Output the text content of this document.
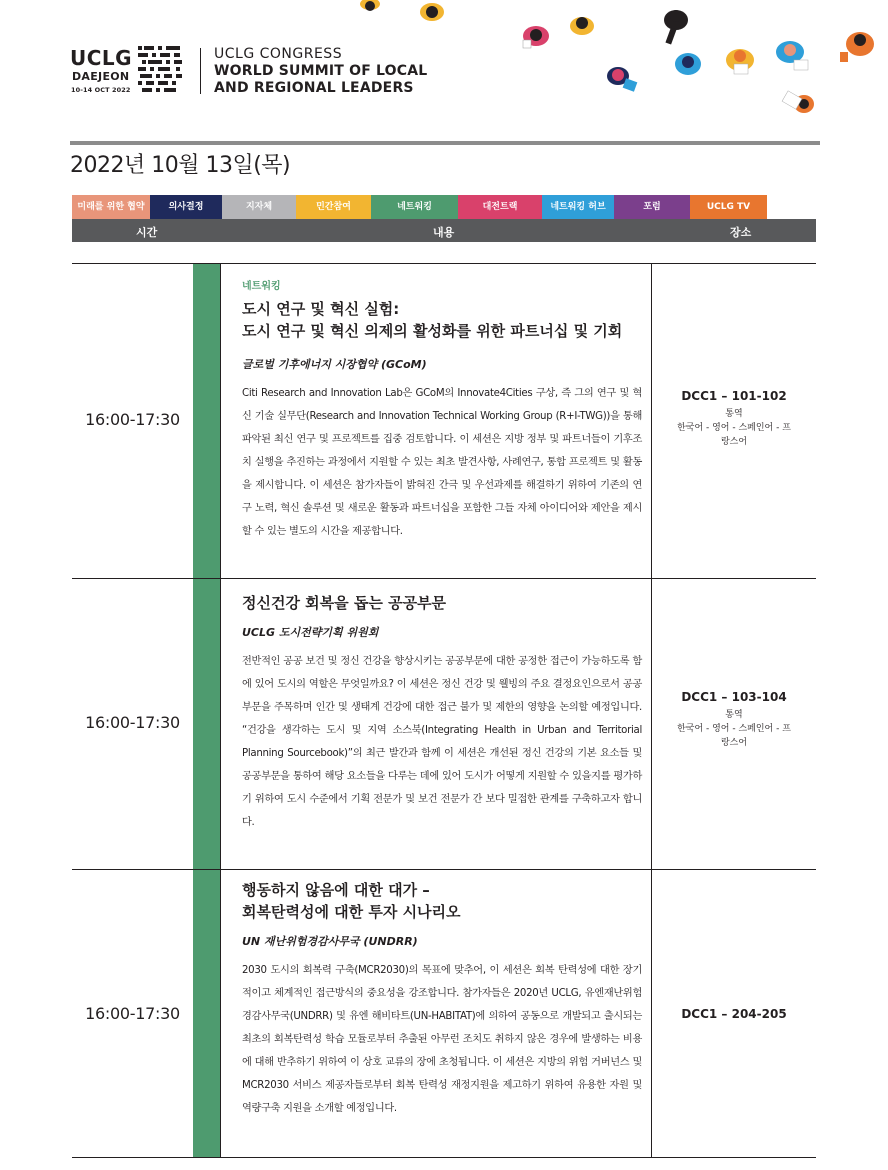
UCLG
DAEJEON
10-14 OCT 2022
UCLG CONGRESS
WORLD SUMMIT OF LOCAL
AND REGIONAL LEADERS
2022년 10월 13일(목)
미래를 위한 협약	의사결정	지자체	민간참여	네트워킹	대전트랙	네트워킹 허브	포럼	UCLG TV
시간	내용	장소
16:00-17:30
네트워킹
도시 연구 및 혁신 실험:
도시 연구 및 혁신 의제의 활성화를 위한 파트너십 및 기회
글로벌 기후에너지 시장협약 (GCoM)
Citi Research and Innovation Lab은 GCoM의 Innovate4Cities 구상, 즉 그의 연구 및 혁신 기술 실무단(Research and Innovation Technical Working Group (R+I-TWG))을 통해 파악된 최신 연구 및 프로젝트를 집중 검토합니다. 이 세션은 지방 정부 및 파트너들이 기후조치 실행을 추진하는 과정에서 지원할 수 있는 최초 발견사항, 사례연구, 통합 프로젝트 및 활동을 제시합니다. 이 세션은 참가자들이 밝혀진 간극 및 우선과제를 해결하기 위하여 기존의 연구 노력, 혁신 솔루션 및 새로운 활동과 파트너십을 포함한 그들 자체 아이디어와 제안을 제시할 수 있는 별도의 시간을 제공합니다.
DCC1 – 101-102
통역
한국어 - 영어 - 스페인어 - 프랑스어
16:00-17:30
정신건강 회복을 돕는 공공부문
UCLG 도시전략기획 위원회
전반적인 공공 보건 및 정신 건강을 향상시키는 공공부문에 대한 공정한 접근이 가능하도록 함에 있어 도시의 역할은 무엇일까요? 이 세션은 정신 건강 및 웰빙의 주요 결정요인으로서 공공부문을 주목하며 인간 및 생태계 건강에 대한 접근 불가 및 제한의 영향을 논의할 예정입니다. “건강을 생각하는 도시 및 지역 소스북(Integrating Health in Urban and Territorial Planning Sourcebook)”의 최근 발간과 함께 이 세션은 개선된 정신 건강의 기본 요소들 및 공공부문을 통하여 해당 요소들을 다루는 데에 있어 도시가 어떻게 지원할 수 있을지를 평가하기 위하여 도시 수준에서 기획 전문가 및 보건 전문가 간 보다 밀접한 관계를 구축하고자 합니다.
DCC1 – 103-104
통역
한국어 - 영어 - 스페인어 - 프랑스어
16:00-17:30
행동하지 않음에 대한 대가 –
회복탄력성에 대한 투자 시나리오
UN 재난위험경감사무국 (UNDRR)
2030 도시의 회복력 구축(MCR2030)의 목표에 맞추어, 이 세션은 회복 탄력성에 대한 장기적이고 체계적인 접근방식의 중요성을 강조합니다. 참가자들은 2020년 UCLG, 유엔재난위험경감사무국(UNDRR) 및 유엔 해비타트(UN-HABITAT)에 의하여 공동으로 개발되고 출시되는 최초의 회복탄력성 학습 모듈로부터 추출된 아무런 조치도 취하지 않은 경우에 발생하는 비용에 대해 반추하기 위하여 이 상호 교류의 장에 초청됩니다. 이 세션은 지방의 위험 거버넌스 및 MCR2030 서비스 제공자들로부터 회복 탄력성 재정지원을 제고하기 위하여 유용한 자원 및 역량구축 지원을 소개할 예정입니다.
DCC1 – 204-205
